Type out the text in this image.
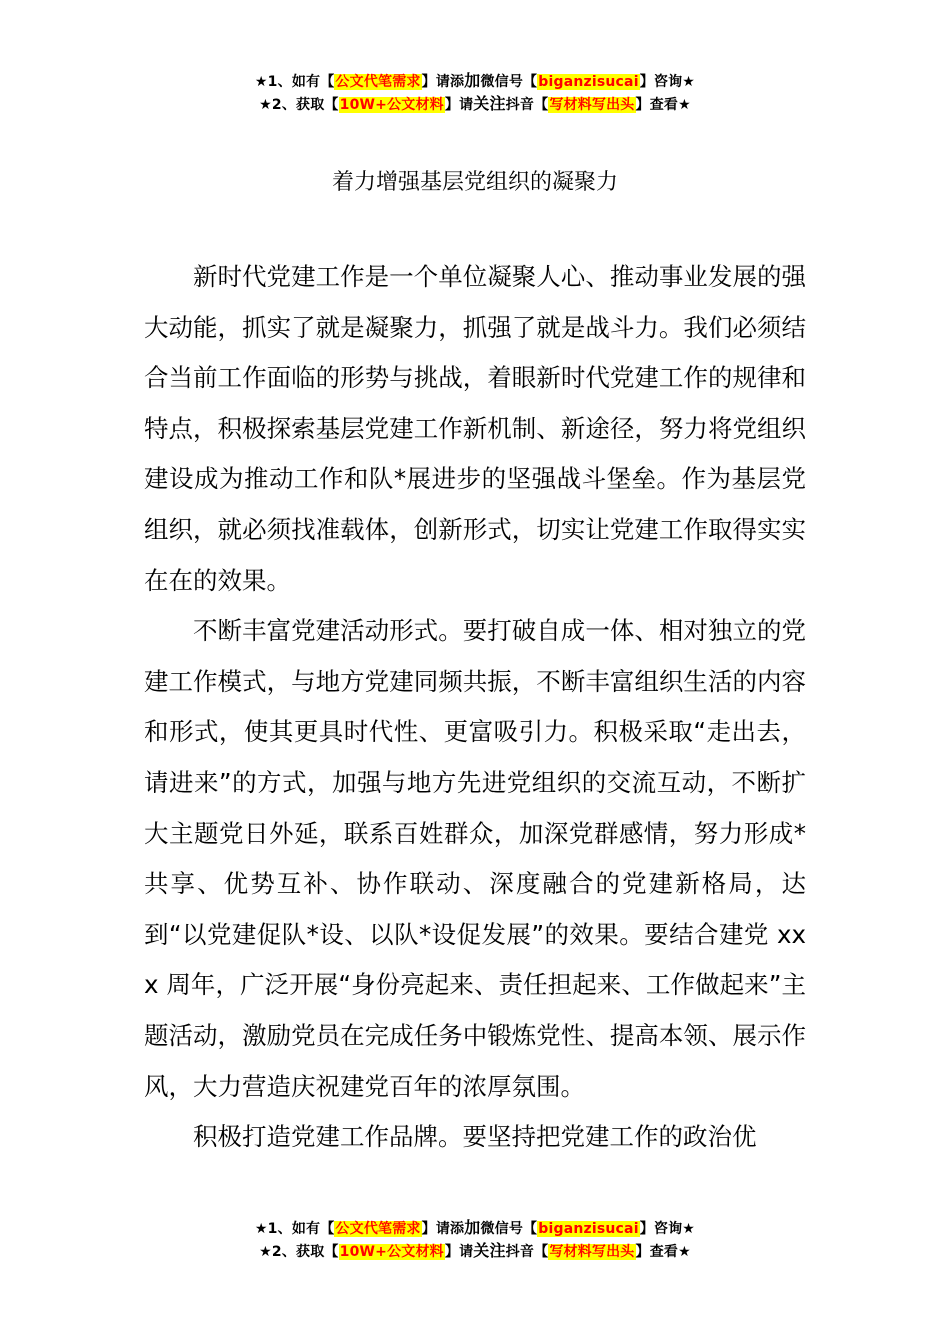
★1、如有【公文代笔需求】请添加微信号【biganzisucai】咨询★
★2、获取【10W+公文材料】请关注抖音【写材料写出头】查看★
着力增强基层党组织的凝聚力

新时代党建工作是一个单位凝聚人心、推动事业发展的强大动能，抓实了就是凝聚力，抓强了就是战斗力。我们必须结合当前工作面临的形势与挑战，着眼新时代党建工作的规律和特点，积极探索基层党建工作新机制、新途径，努力将党组织建设成为推动工作和队*展进步的坚强战斗堡垒。作为基层党组织，就必须找准载体，创新形式，切实让党建工作取得实实在在的效果。

不断丰富党建活动形式。要打破自成一体、相对独立的党建工作模式，与地方党建同频共振，不断丰富组织生活的内容和形式，使其更具时代性、更富吸引力。积极采取“走出去，请进来”的方式，加强与地方先进党组织的交流互动，不断扩大主题党日外延，联系百姓群众，加深党群感情，努力形成*共享、优势互补、协作联动、深度融合的党建新格局，达到“以党建促队*设、以队*设促发展”的效果。要结合建党 xxx 周年，广泛开展“身份亮起来、责任担起来、工作做起来”主题活动，激励党员在完成任务中锻炼党性、提高本领、展示作风，大力营造庆祝建党百年的浓厚氛围。

积极打造党建工作品牌。要坚持把党建工作的政治优

★1、如有【公文代笔需求】请添加微信号【biganzisucai】咨询★
★2、获取【10W+公文材料】请关注抖音【写材料写出头】查看★
